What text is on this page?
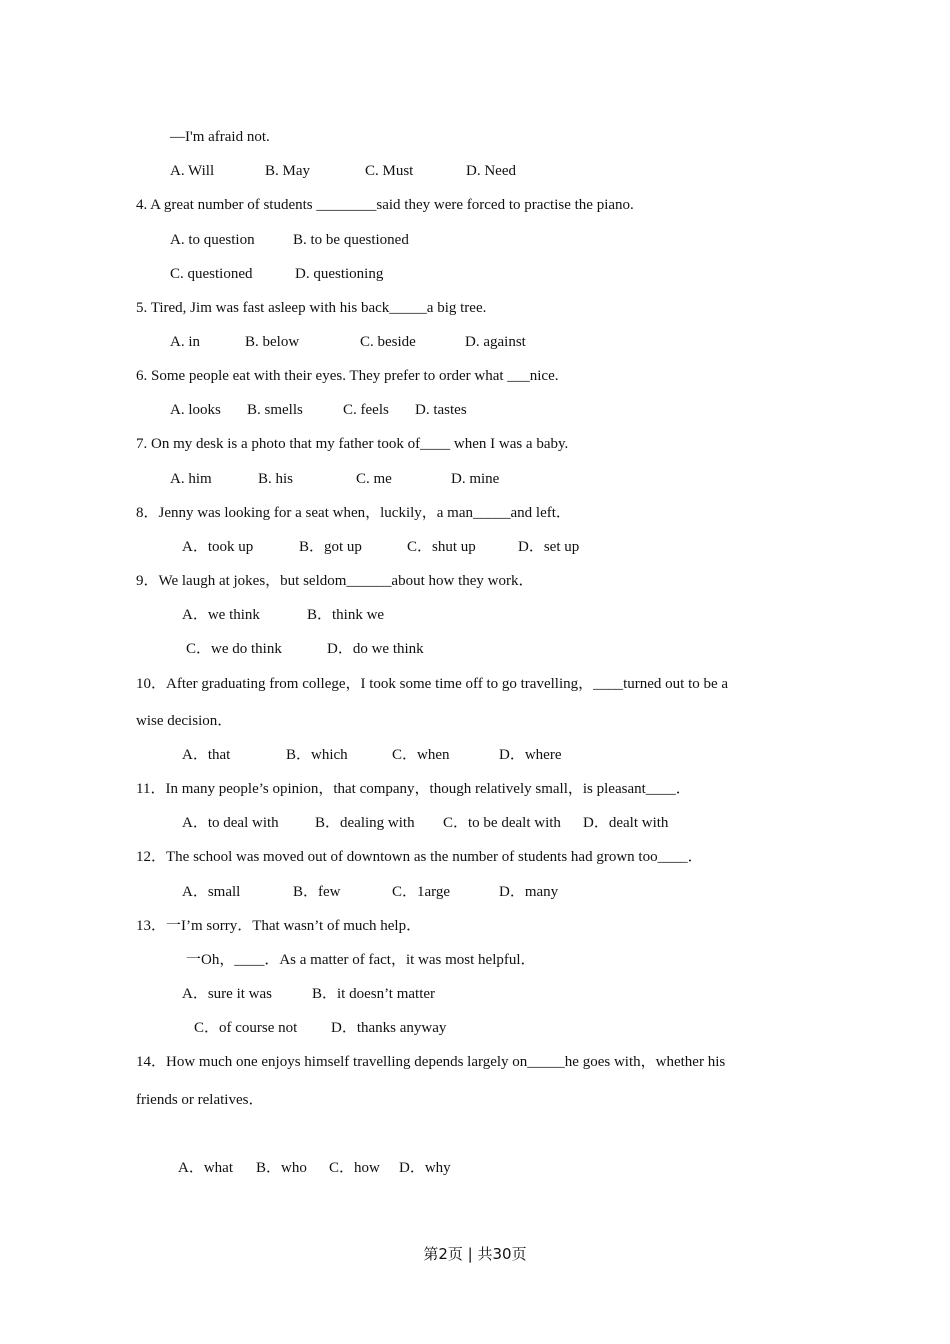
—I'm afraid not.
A. Will	B. May	C. Must	D. Need
4. A great number of students ________said they were forced to practise the piano.
A. to question	B. to be questioned
C. questioned	D. questioning
5. Tired, Jim was fast asleep with his back_____a big tree.
A. in	B. below	C. beside	D. against
6. Some people eat with their eyes. They prefer to order what ___nice.
A. looks B. smells	C. feels D. tastes
7. On my desk is a photo that my father took of____ when I was a baby.
A. him	B. his	C. me	D. mine
8．Jenny was looking for a seat when，luckily，a man_____and left．
A．took up	B．got up	C．shut up	D．set up
9．We laugh at jokes，but seldom______about how they work．
A．we think	B．think we
C．we do think	D．do we think
10．After graduating from college，I took some time off to go travelling，____turned out to be a
wise decision．
A．that	B．which	C．when	D．where
11．In many people’s opinion，that company，though relatively small，is pleasant____．
A．to deal with B．dealing with C．to be dealt with D．dealt with
12．The school was moved out of downtown as the number of students had grown too____．
A．small	B．few	C．1arge	D．many
13．一I’m sorry．That wasn’t of much help．
一Oh，____．As a matter of fact，it was most helpful．
A．sure it was	B．it doesn’t matter
C．of course not D．thanks anyway
14．How much one enjoys himself travelling depends largely on_____he goes with，whether his
friends or relatives．
A．what B．who C．how D．why
第2页 | 共30页
